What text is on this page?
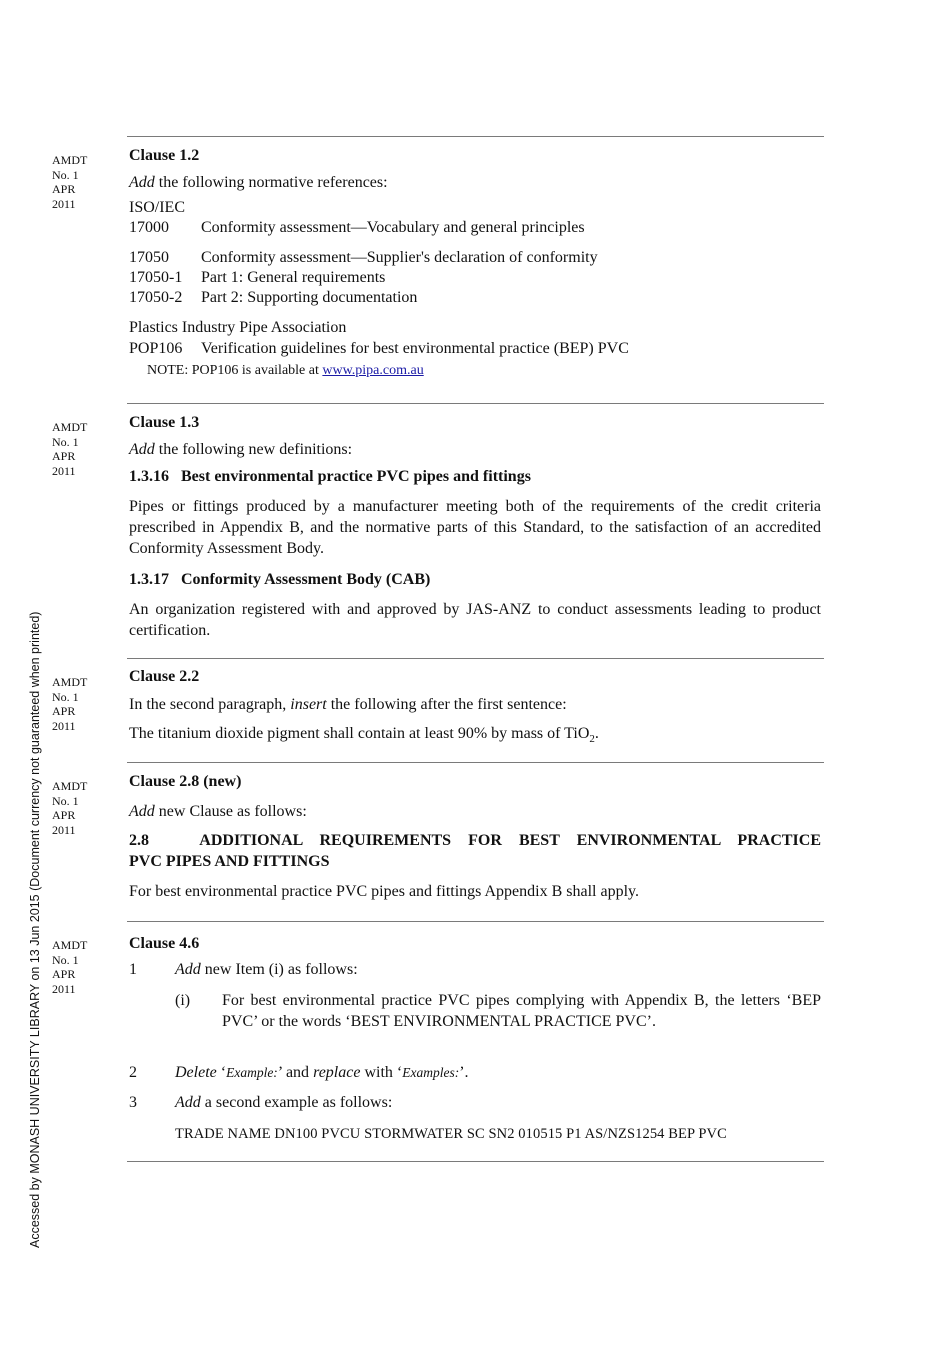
Accessed by MONASH UNIVERSITY LIBRARY on 13 Jun 2015 (Document currency not guaranteed when printed)
AMDT
No. 1
APR
2011
Clause 1.2
Add the following normative references:
ISO/IEC
17000 Conformity assessment—Vocabulary and general principles
17050 Conformity assessment—Supplier's declaration of conformity
17050-1 Part 1: General requirements
17050-2 Part 2: Supporting documentation
Plastics Industry Pipe Association
POP106 Verification guidelines for best environmental practice (BEP) PVC
NOTE: POP106 is available at www.pipa.com.au
AMDT
No. 1
APR
2011
Clause 1.3
Add the following new definitions:
1.3.16   Best environmental practice PVC pipes and fittings
Pipes or fittings produced by a manufacturer meeting both of the requirements of the credit criteria prescribed in Appendix B, and the normative parts of this Standard, to the satisfaction of an accredited Conformity Assessment Body.
1.3.17   Conformity Assessment Body (CAB)
An organization registered with and approved by JAS-ANZ to conduct assessments leading to product certification.
AMDT
No. 1
APR
2011
Clause 2.2
In the second paragraph, insert the following after the first sentence:
The titanium dioxide pigment shall contain at least 90% by mass of TiO$_2$.
AMDT
No. 1
APR
2011
Clause 2.8 (new)
Add new Clause as follows:
2.8   ADDITIONAL REQUIREMENTS FOR BEST ENVIRONMENTAL PRACTICE
PVC PIPES AND FITTINGS
For best environmental practice PVC pipes and fittings Appendix B shall apply.
AMDT
No. 1
APR
2011
Clause 4.6
1 Add new Item (i) as follows:
(i) For best environmental practice PVC pipes complying with Appendix B, the letters ‘BEP PVC’ or the words ‘BEST ENVIRONMENTAL PRACTICE PVC’.
2 Delete ‘Example:’ and replace with ‘Examples:’.
3 Add a second example as follows:
TRADE NAME DN100 PVCU STORMWATER SC SN2 010515 P1 AS/NZS1254 BEP PVC
